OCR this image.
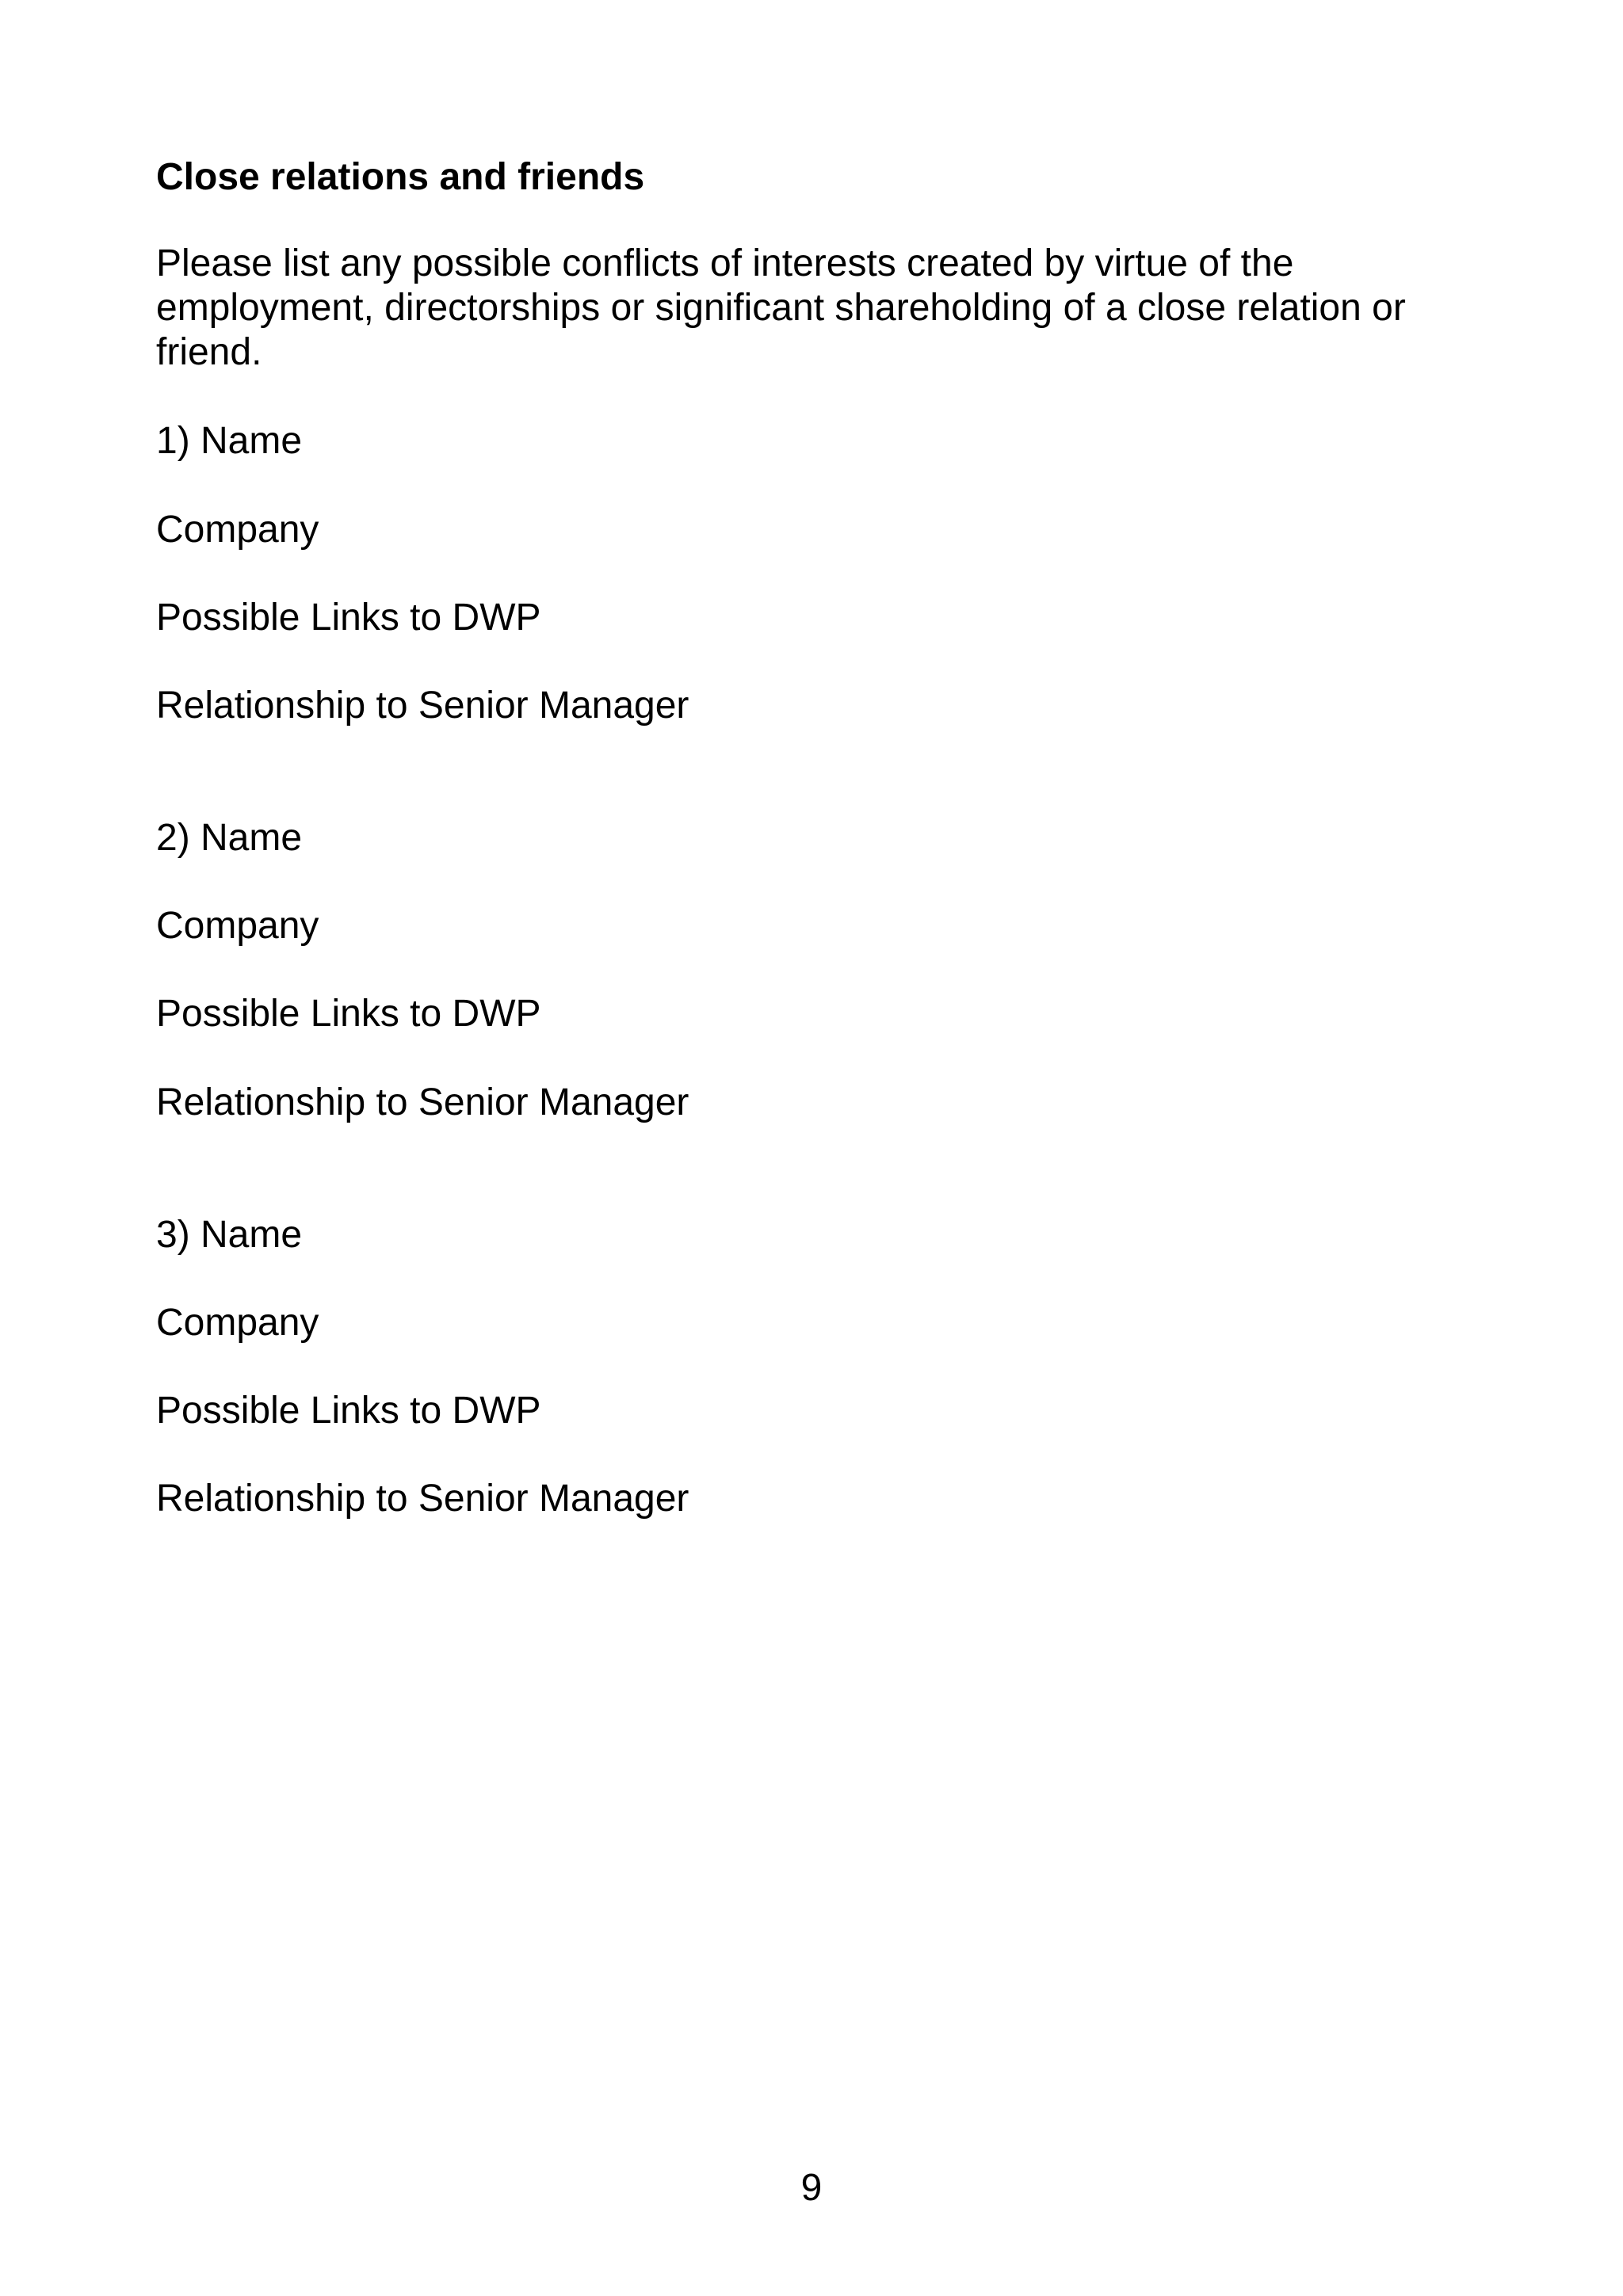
Close relations and friends

Please list any possible conflicts of interests created by virtue of the employment, directorships or significant shareholding of a close relation or friend.

1) Name

Company

Possible Links to DWP

Relationship to Senior Manager

2) Name

Company

Possible Links to DWP

Relationship to Senior Manager

3) Name

Company

Possible Links to DWP

Relationship to Senior Manager

9
